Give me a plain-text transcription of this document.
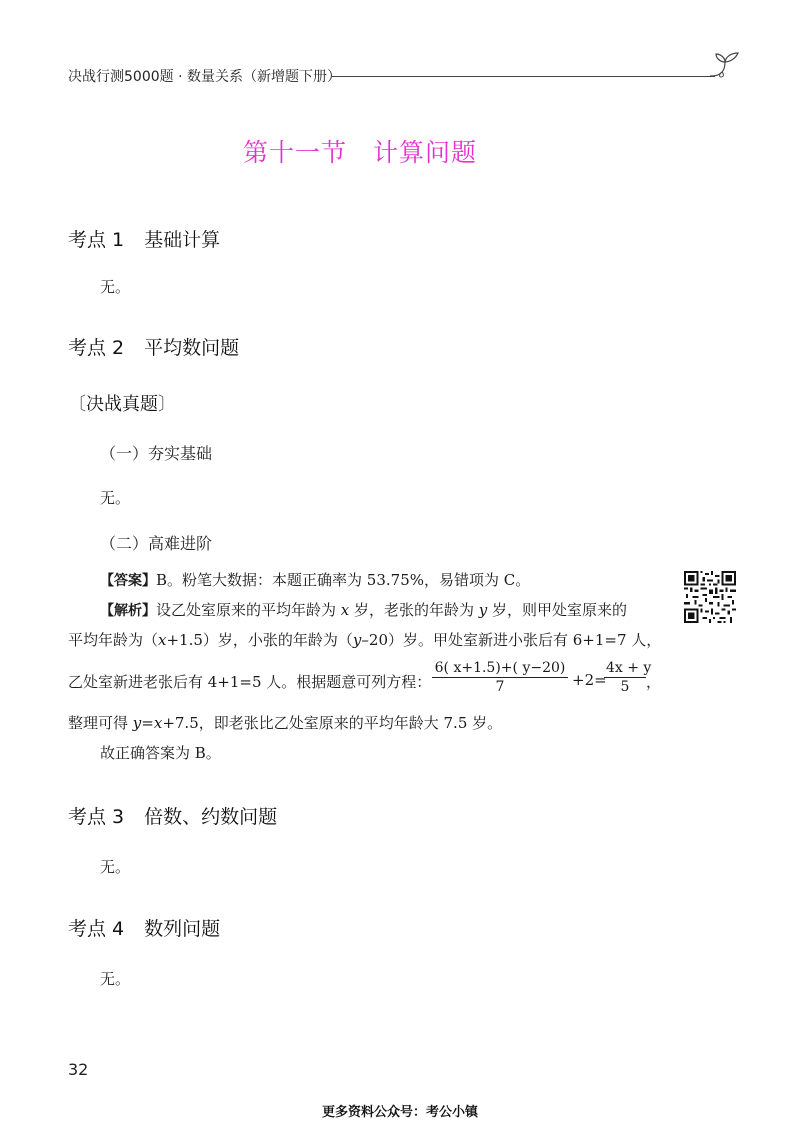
决战行测5000题 · 数量关系（新增题下册）
第十一节 计算问题
考点 1 基础计算
无。
考点 2 平均数问题
〔决战真题〕
（一）夯实基础
无。
（二）高难进阶
【答案】B。粉笔大数据：本题正确率为 53.75%，易错项为 C。
【解析】设乙处室原来的平均年龄为 x 岁，老张的年龄为 y 岁，则甲处室原来的
平均年龄为（x+1.5）岁，小张的年龄为（y–20）岁。甲处室新进小张后有 6+1=7 人，
乙处室新进老张后有 4+1=5 人。根据题意可列方程：
6( x+1.5)+( y−20)
7	+2=
4x + y
5	，
整理可得 y=x+7.5，即老张比乙处室原来的平均年龄大 7.5 岁。
故正确答案为 B。
考点 3 倍数、约数问题
无。
考点 4 数列问题
无。
32
更多资料公众号：考公小镇
